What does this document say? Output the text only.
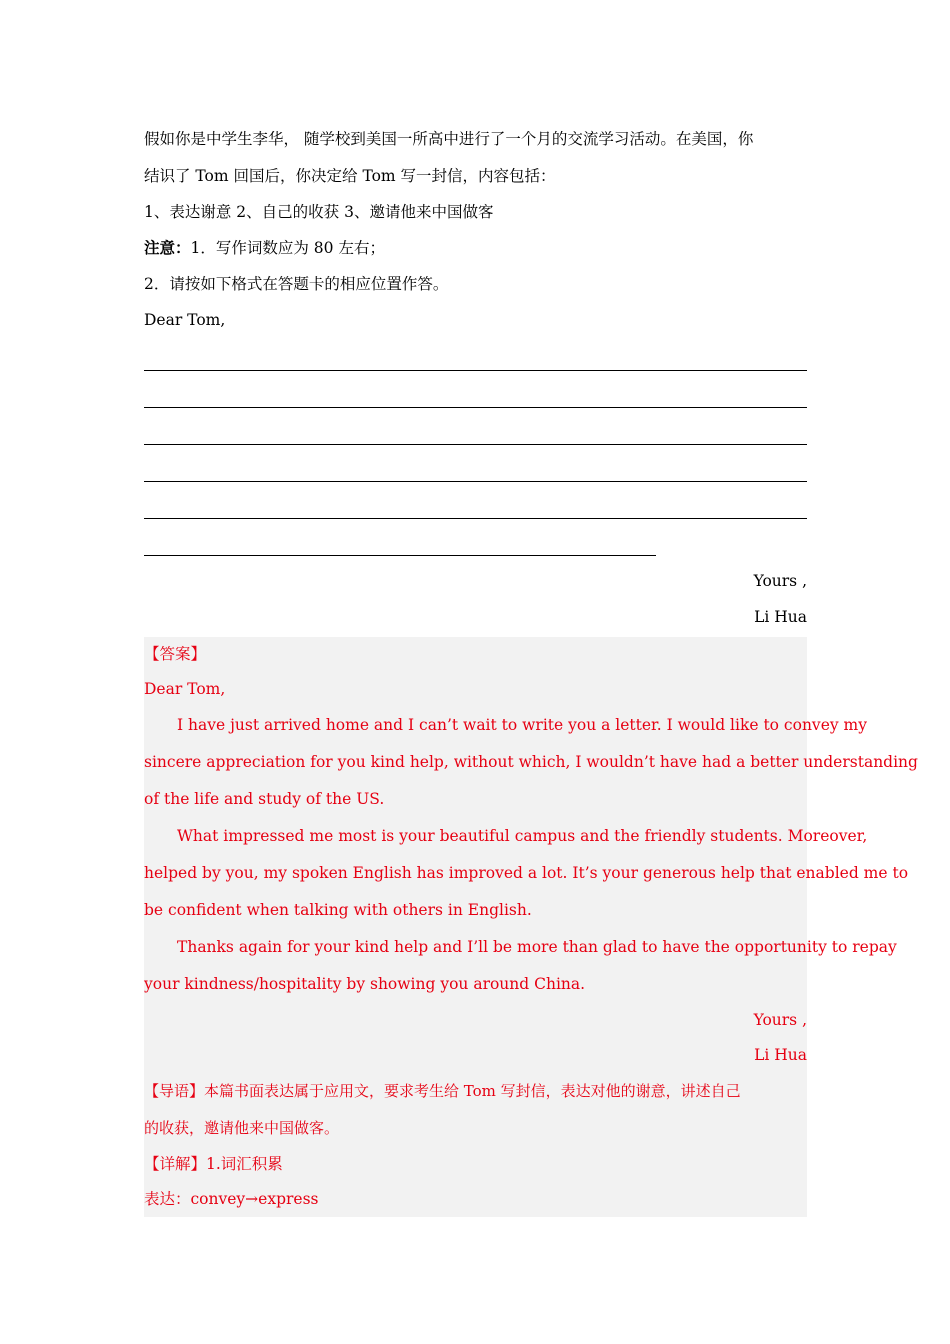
假如你是中学生李华， 随学校到美国一所高中进行了一个月的交流学习活动。在美国，你
结识了 Tom 回国后，你决定给 Tom 写一封信，内容包括：
1、表达谢意 2、自己的收获 3、邀请他来中国做客
注意：1．写作词数应为 80 左右；
2．请按如下格式在答题卡的相应位置作答。
Dear Tom,
Yours ,
Li Hua
【答案】
Dear Tom,
I have just arrived home and I can’t wait to write you a letter. I would like to convey my
sincere appreciation for you kind help, without which, I wouldn’t have had a better understanding
of the life and study of the US.
What impressed me most is your beautiful campus and the friendly students. Moreover,
helped by you, my spoken English has improved a lot. It’s your generous help that enabled me to
be confident when talking with others in English.
Thanks again for your kind help and I’ll be more than glad to have the opportunity to repay
your kindness/hospitality by showing you around China.
Yours ,
Li Hua
【导语】本篇书面表达属于应用文，要求考生给 Tom 写封信，表达对他的谢意，讲述自己
的收获，邀请他来中国做客。
【详解】1.词汇积累
表达：convey→express
